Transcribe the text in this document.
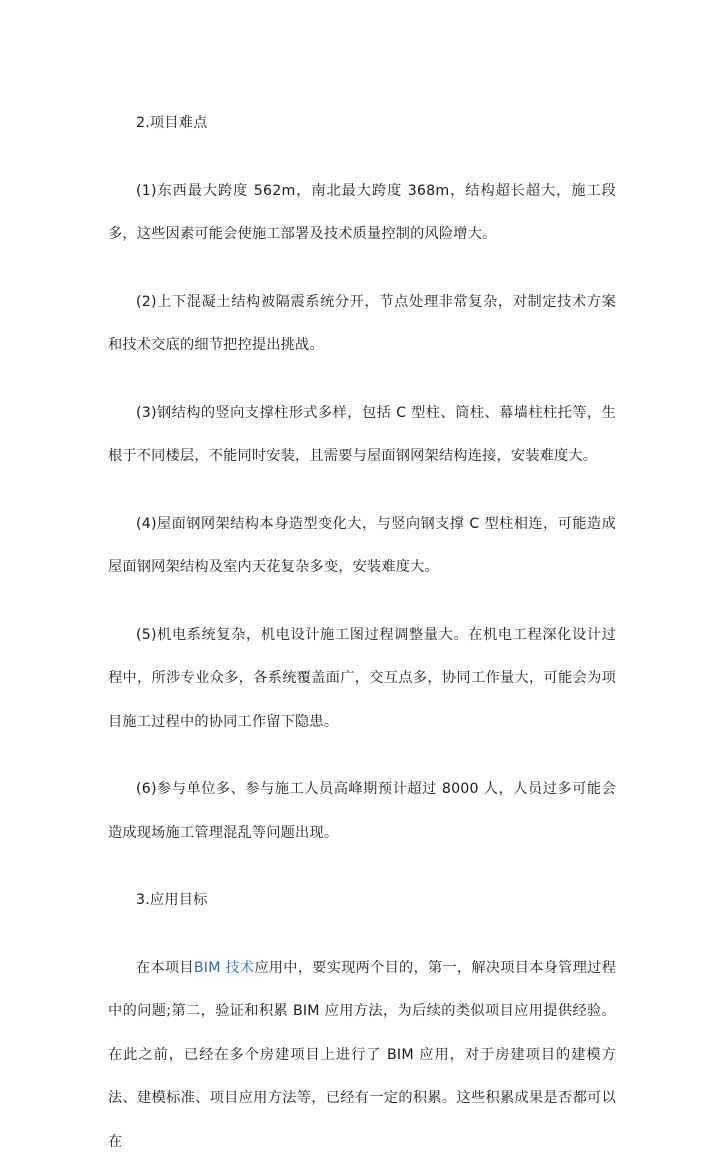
2.项目难点

(1)东西最大跨度 562m，南北最大跨度 368m，结构超长超大，施工段多，这些因素可能会使施工部署及技术质量控制的风险增大。

(2)上下混凝土结构被隔震系统分开，节点处理非常复杂，对制定技术方案和技术交底的细节把控提出挑战。

(3)钢结构的竖向支撑柱形式多样，包括 C 型柱、筒柱、幕墙柱柱托等，生根于不同楼层，不能同时安装，且需要与屋面钢网架结构连接，安装难度大。

(4)屋面钢网架结构本身造型变化大，与竖向钢支撑 C 型柱相连，可能造成屋面钢网架结构及室内天花复杂多变，安装难度大。

(5)机电系统复杂，机电设计施工图过程调整量大。在机电工程深化设计过程中，所涉专业众多，各系统覆盖面广，交互点多，协同工作量大，可能会为项目施工过程中的协同工作留下隐患。

(6)参与单位多、参与施工人员高峰期预计超过 8000 人，人员过多可能会造成现场施工管理混乱等问题出现。

3.应用目标

在本项目BIM 技术应用中，要实现两个目的，第一，解决项目本身管理过程中的问题;第二，验证和积累 BIM 应用方法，为后续的类似项目应用提供经验。在此之前，已经在多个房建项目上进行了 BIM 应用，对于房建项目的建模方法、建模标准、项目应用方法等，已经有一定的积累。这些积累成果是否都可以在
